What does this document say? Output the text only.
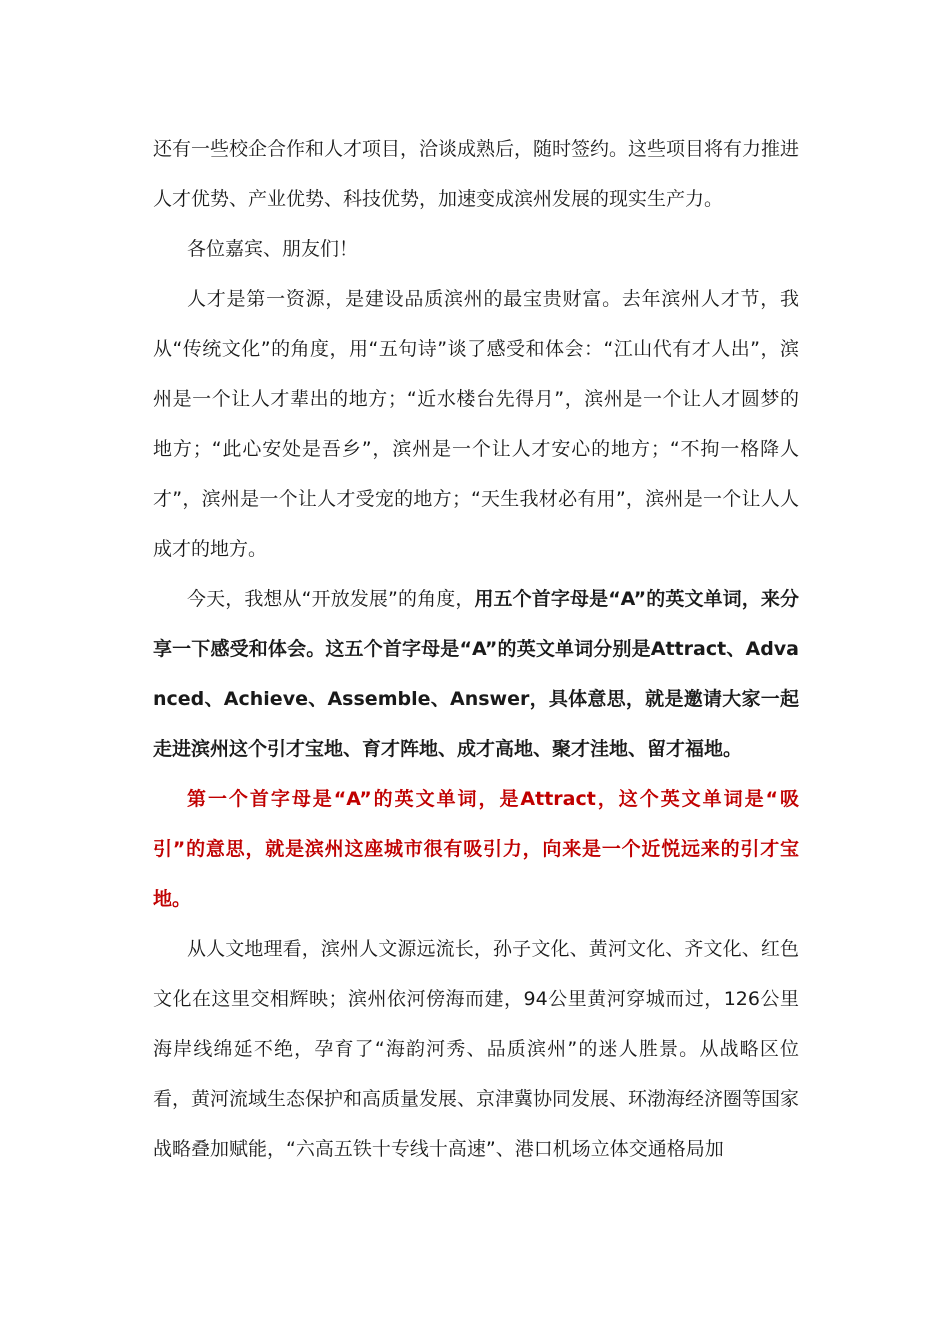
还有一些校企合作和人才项目，洽谈成熟后，随时签约。这些项目将有力推进人才优势、产业优势、科技优势，加速变成滨州发展的现实生产力。

各位嘉宾、朋友们！

人才是第一资源，是建设品质滨州的最宝贵财富。去年滨州人才节，我从“传统文化”的角度，用“五句诗”谈了感受和体会：“江山代有才人出”，滨州是一个让人才辈出的地方；“近水楼台先得月”，滨州是一个让人才圆梦的地方；“此心安处是吾乡”，滨州是一个让人才安心的地方；“不拘一格降人才”，滨州是一个让人才受宠的地方；“天生我材必有用”，滨州是一个让人人成才的地方。

今天，我想从“开放发展”的角度，用五个首字母是“A”的英文单词，来分享一下感受和体会。这五个首字母是“A”的英文单词分别是Attract、Advanced、Achieve、Assemble、Answer，具体意思，就是邀请大家一起走进滨州这个引才宝地、育才阵地、成才高地、聚才洼地、留才福地。

第一个首字母是“A”的英文单词，是Attract，这个英文单词是“吸引”的意思，就是滨州这座城市很有吸引力，向来是一个近悦远来的引才宝地。

从人文地理看，滨州人文源远流长，孙子文化、黄河文化、齐文化、红色文化在这里交相辉映；滨州依河傍海而建，94公里黄河穿城而过，126公里海岸线绵延不绝，孕育了“海韵河秀、品质滨州”的迷人胜景。从战略区位看，黄河流域生态保护和高质量发展、京津冀协同发展、环渤海经济圈等国家战略叠加赋能，“六高五铁十专线十高速”、港口机场立体交通格局加
